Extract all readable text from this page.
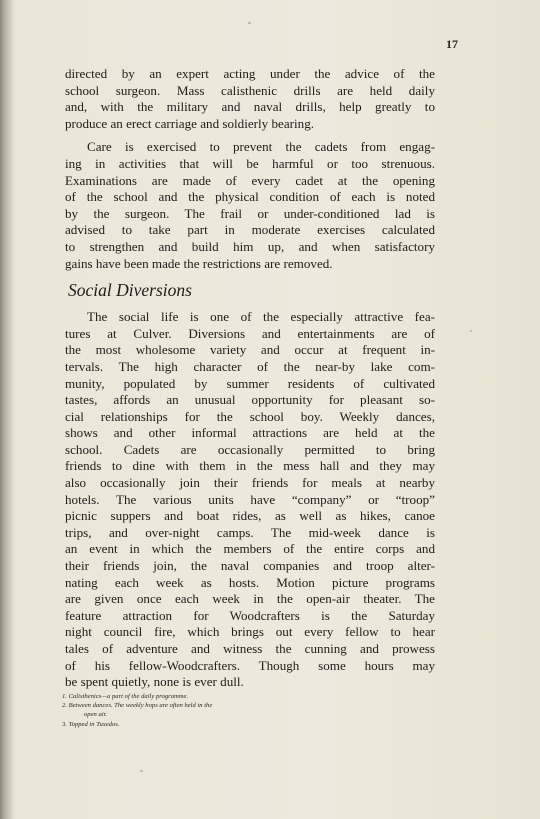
17
directed by an expert acting under the advice of the
school surgeon. Mass calisthenic drills are held daily
and, with the military and naval drills, help greatly to
produce an erect carriage and soldierly bearing.
Care is exercised to prevent the cadets from engag-
ing in activities that will be harmful or too strenuous.
Examinations are made of every cadet at the opening
of the school and the physical condition of each is noted
by the surgeon. The frail or under-conditioned lad is
advised to take part in moderate exercises calculated
to strengthen and build him up, and when satisfactory
gains have been made the restrictions are removed.
Social Diversions
The social life is one of the especially attractive fea-
tures at Culver. Diversions and entertainments are of
the most wholesome variety and occur at frequent in-
tervals. The high character of the near-by lake com-
munity, populated by summer residents of cultivated
tastes, affords an unusual opportunity for pleasant so-
cial relationships for the school boy. Weekly dances,
shows and other informal attractions are held at the
school. Cadets are occasionally permitted to bring
friends to dine with them in the mess hall and they may
also occasionally join their friends for meals at nearby
hotels. The various units have “company” or “troop”
picnic suppers and boat rides, as well as hikes, canoe
trips, and over-night camps. The mid-week dance is
an event in which the members of the entire corps and
their friends join, the naval companies and troop alter-
nating each week as hosts. Motion picture programs
are given once each week in the open-air theater. The
feature attraction for Woodcrafters is the Saturday
night council fire, which brings out every fellow to hear
tales of adventure and witness the cunning and prowess
of his fellow-Woodcrafters. Though some hours may
be spent quietly, none is ever dull.
1. Calisthenics—a part of the daily programme.
2. Between dances. The weekly hops are often held in the
open air.
3. Topped in Tuxedos.
